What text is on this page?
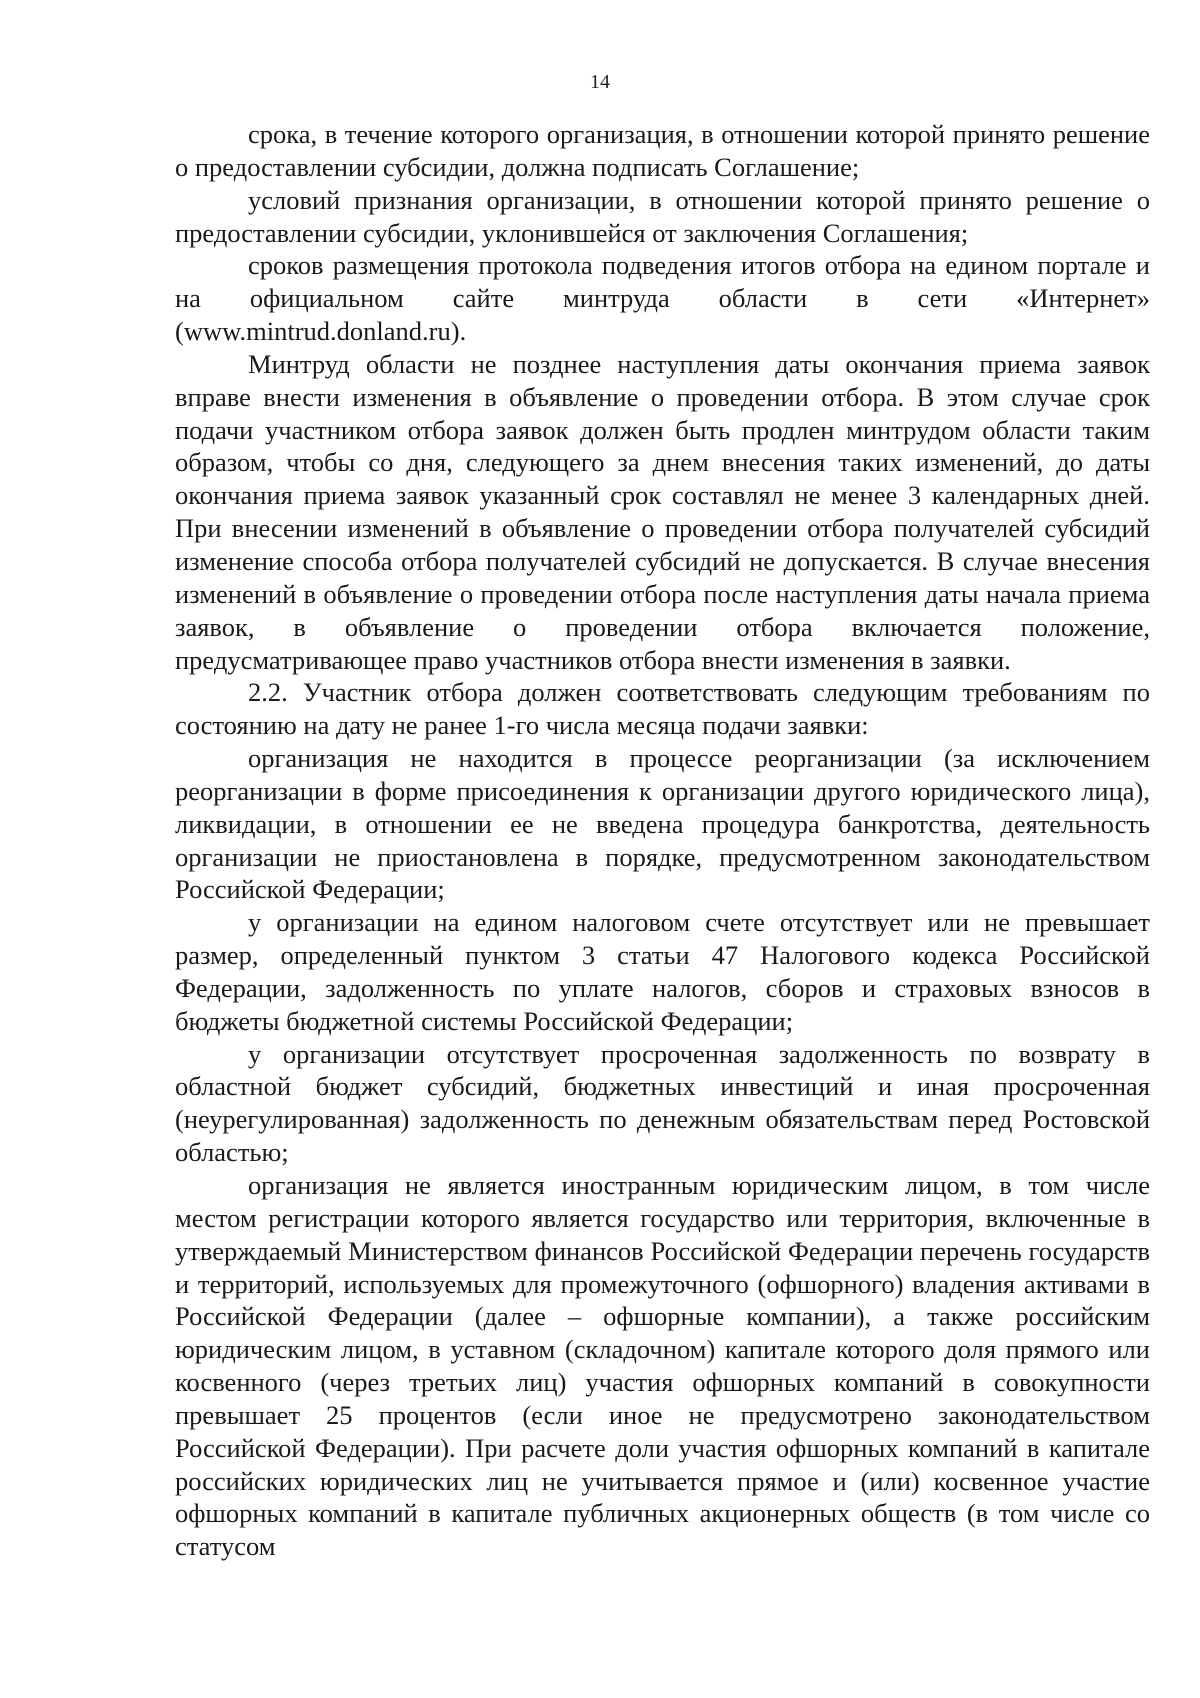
14

срока, в течение которого организация, в отношении которой принято решение о предоставлении субсидии, должна подписать Соглашение;

условий признания организации, в отношении которой принято решение о предоставлении субсидии, уклонившейся от заключения Соглашения;

сроков размещения протокола подведения итогов отбора на едином портале и на официальном сайте минтруда области в сети «Интернет» (www.mintrud.donland.ru).

Минтруд области не позднее наступления даты окончания приема заявок вправе внести изменения в объявление о проведении отбора. В этом случае срок подачи участником отбора заявок должен быть продлен минтрудом области таким образом, чтобы со дня, следующего за днем внесения таких изменений, до даты окончания приема заявок указанный срок составлял не менее 3 календарных дней. При внесении изменений в объявление о проведении отбора получателей субсидий изменение способа отбора получателей субсидий не допускается. В случае внесения изменений в объявление о проведении отбора после наступления даты начала приема заявок, в объявление о проведении отбора включается положение, предусматривающее право участников отбора внести изменения в заявки.

2.2. Участник отбора должен соответствовать следующим требованиям по состоянию на дату не ранее 1-го числа месяца подачи заявки:

организация не находится в процессе реорганизации (за исключением реорганизации в форме присоединения к организации другого юридического лица), ликвидации, в отношении ее не введена процедура банкротства, деятельность организации не приостановлена в порядке, предусмотренном законодательством Российской Федерации;

у организации на едином налоговом счете отсутствует или не превышает размер, определенный пунктом 3 статьи 47 Налогового кодекса Российской Федерации, задолженность по уплате налогов, сборов и страховых взносов в бюджеты бюджетной системы Российской Федерации;

у организации отсутствует просроченная задолженность по возврату в областной бюджет субсидий, бюджетных инвестиций и иная просроченная (неурегулированная) задолженность по денежным обязательствам перед Ростовской областью;

организация не является иностранным юридическим лицом, в том числе местом регистрации которого является государство или территория, включенные в утверждаемый Министерством финансов Российской Федерации перечень государств и территорий, используемых для промежуточного (офшорного) владения активами в Российской Федерации (далее – офшорные компании), а также российским юридическим лицом, в уставном (складочном) капитале которого доля прямого или косвенного (через третьих лиц) участия офшорных компаний в совокупности превышает 25 процентов (если иное не предусмотрено законодательством Российской Федерации). При расчете доли участия офшорных компаний в капитале российских юридических лиц не учитывается прямое и (или) косвенное участие офшорных компаний в капитале публичных акционерных обществ (в том числе со статусом
